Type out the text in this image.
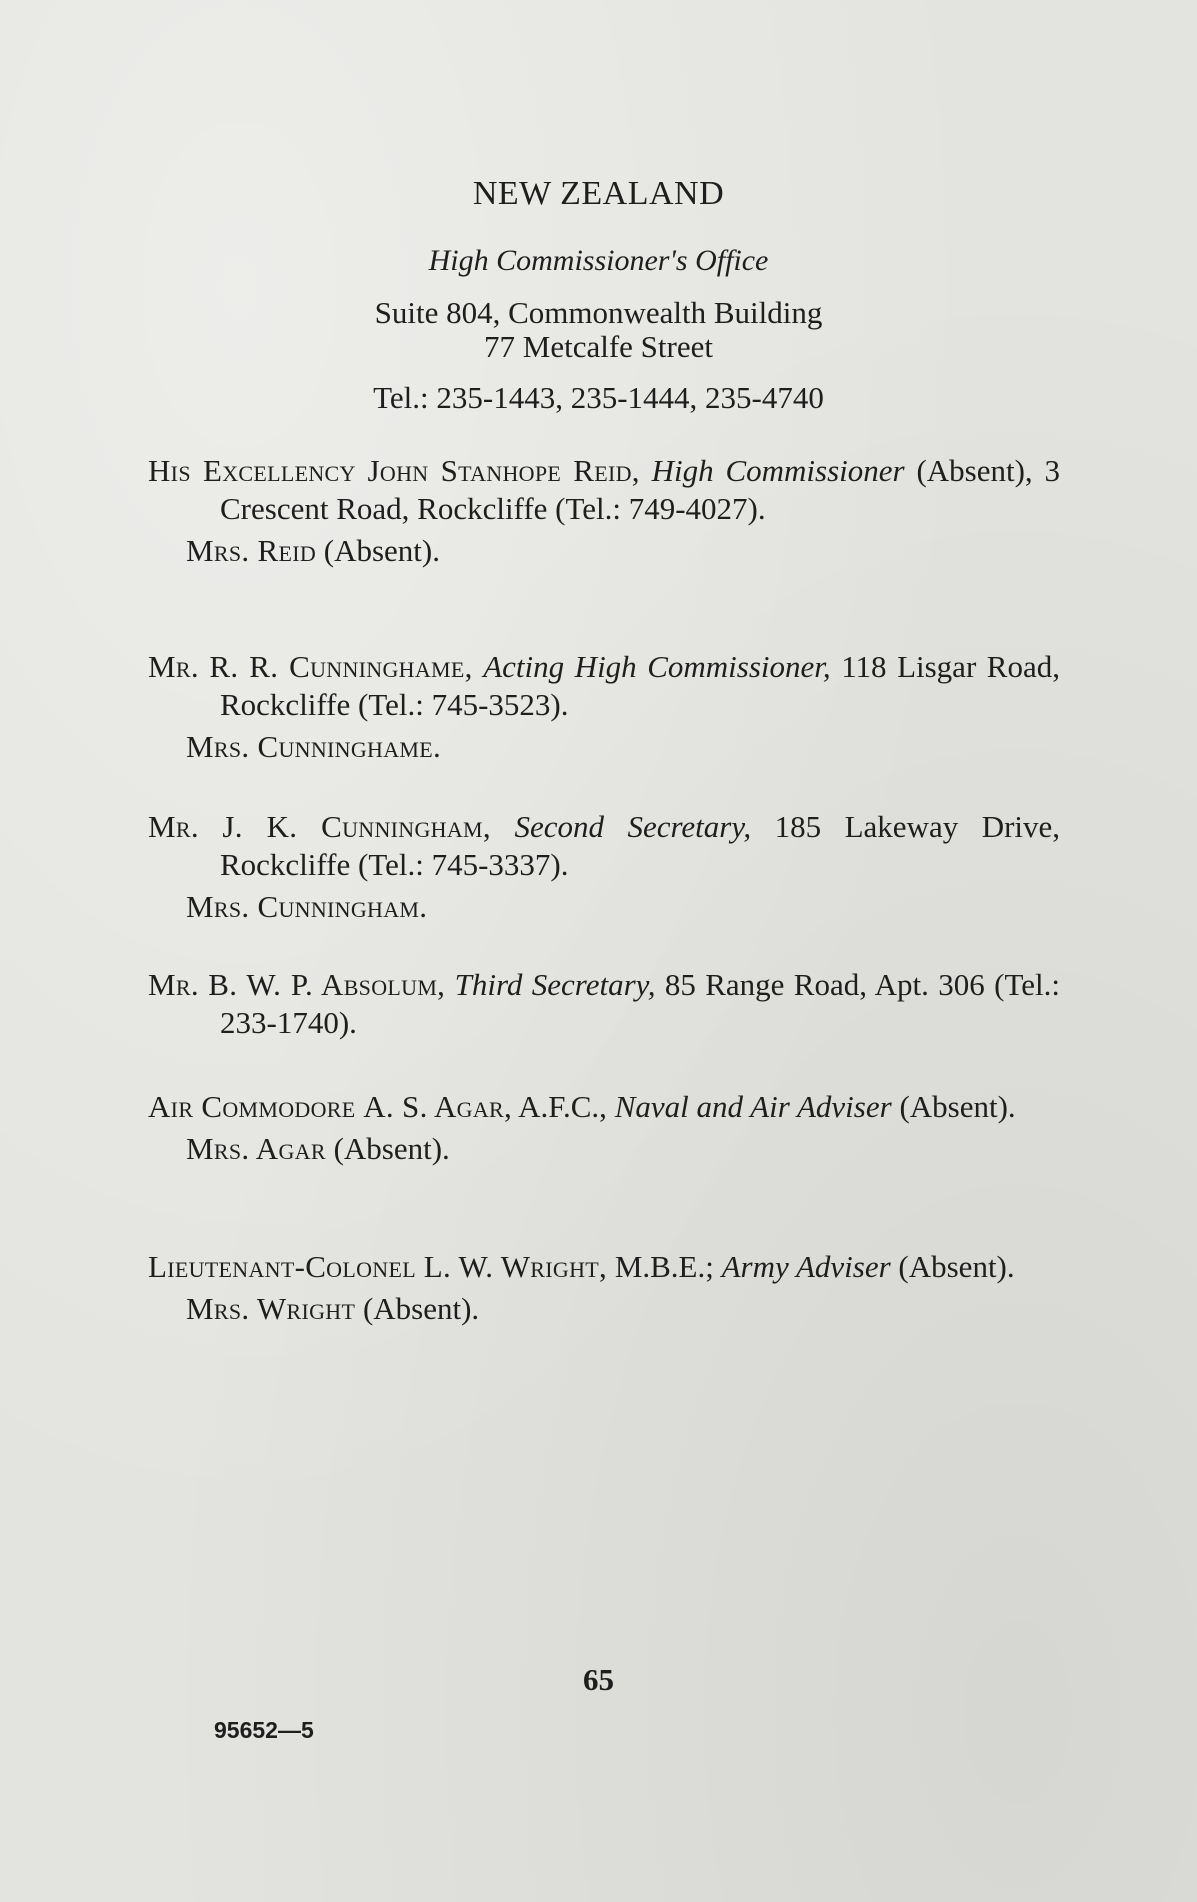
NEW ZEALAND
High Commissioner's Office
Suite 804, Commonwealth Building
77 Metcalfe Street
Tel.: 235-1443, 235-1444, 235-4740

His Excellency John Stanhope Reid, High Commissioner (Absent), 3 Crescent Road, Rockcliffe (Tel.: 749-4027).

Mrs. Reid (Absent).

Mr. R. R. Cunninghame, Acting High Commissioner, 118 Lisgar Road, Rockcliffe (Tel.: 745-3523).

Mrs. Cunninghame.

Mr. J. K. Cunningham, Second Secretary, 185 Lakeway Drive, Rockcliffe (Tel.: 745-3337).

Mrs. Cunningham.

Mr. B. W. P. Absolum, Third Secretary, 85 Range Road, Apt. 306 (Tel.: 233-1740).

Air Commodore A. S. Agar, A.F.C., Naval and Air Adviser (Absent).

Mrs. Agar (Absent).

Lieutenant-Colonel L. W. Wright, M.B.E.; Army Adviser (Absent).

Mrs. Wright (Absent).
65
95652—5
